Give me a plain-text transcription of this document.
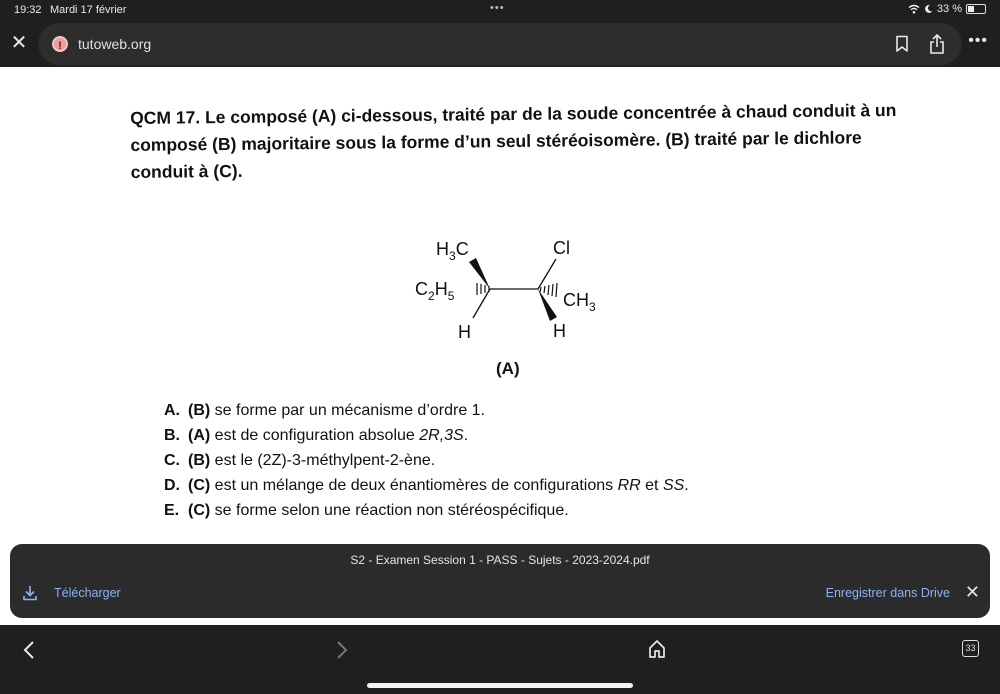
19:32 Mardi 17 février	•••	33 %
✕	!	tutoweb.org	•••
QCM 17. Le composé (A) ci-dessous, traité par de la soude concentrée à chaud conduit à un composé (B) majoritaire sous la forme d’un seul stéréoisomère. (B) traité par le dichlore conduit à (C).
$H_3C$
$C_2H_5$
H
Cl
$CH_3$
H
(A)
A. (B) se forme par un mécanisme d’ordre 1.
B. (A) est de configuration absolue 2R,3S.
C. (B) est le (2Z)-3-méthylpent-2-ène.
D. (C) est un mélange de deux énantiomères de configurations RR et SS.
E. (C) se forme selon une réaction non stéréospécifique.
S2 - Examen Session 1 - PASS - Sujets - 2023-2024.pdf
Télécharger	Enregistrer dans Drive ✕
33
